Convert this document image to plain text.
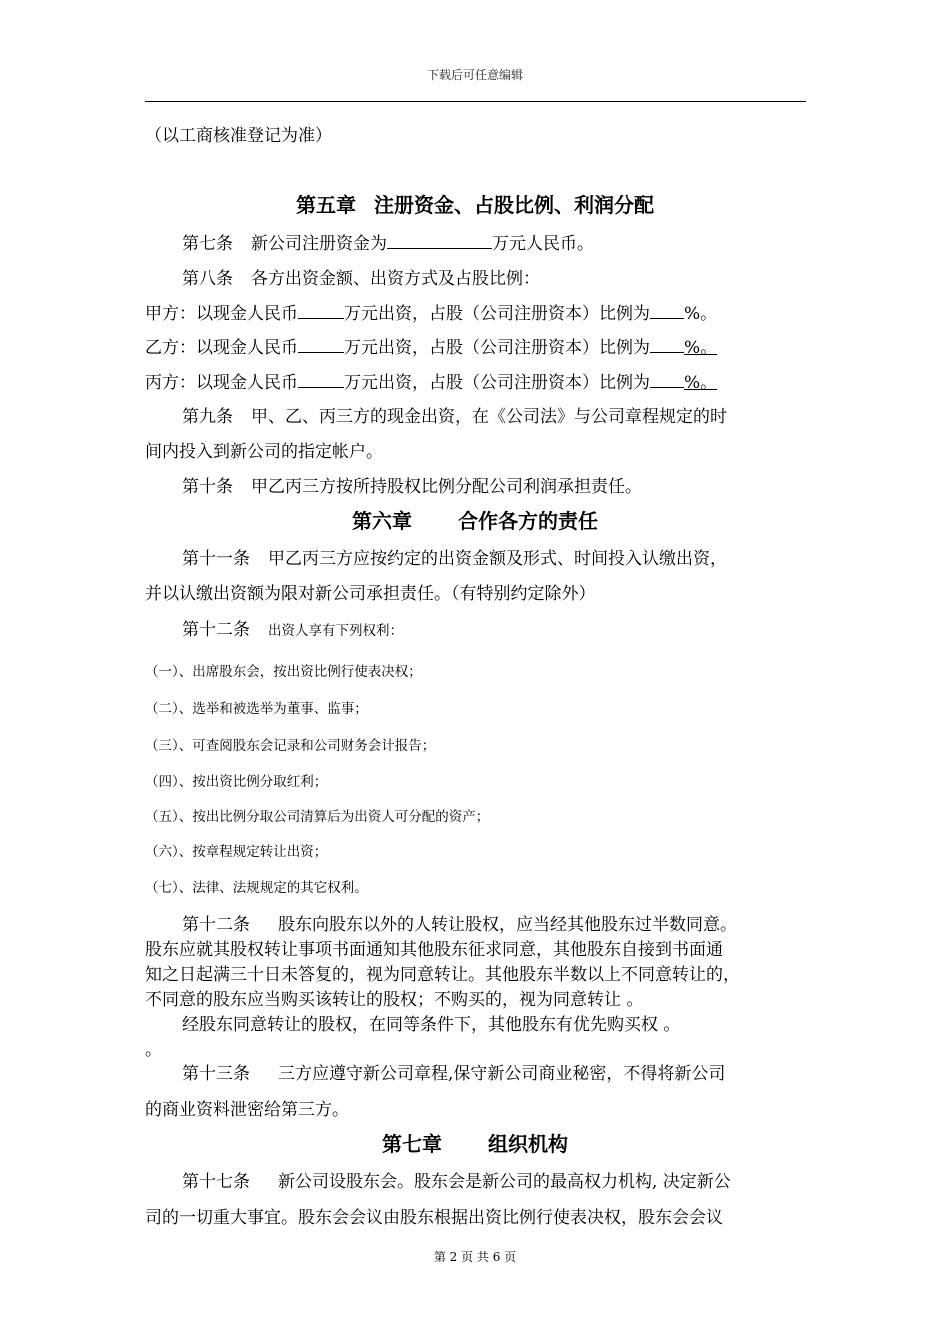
下载后可任意编辑
（以工商核准登记为准）
第五章 注册资金、占股比例、利润分配
第七条 新公司注册资金为	万元人民币。
第八条 各方出资金额、出资方式及占股比例：
甲方：以现金人民币	万元出资，占股（公司注册资本）比例为 %。
乙方：以现金人民币	万元出资，占股（公司注册资本）比例为 %。
丙方：以现金人民币	万元出资，占股（公司注册资本）比例为 %。
第九条 甲、乙、丙三方的现金出资，在《公司法》与公司章程规定的时
间内投入到新公司的指定帐户。
第十条 甲乙丙三方按所持股权比例分配公司利润承担责任。
第六章 合作各方的责任
第十一条 甲乙丙三方应按约定的出资金额及形式、时间投入认缴出资，
并以认缴出资额为限对新公司承担责任。（有特别约定除外）
第十二条 出资人享有下列权利：
（一）、出席股东会，按出资比例行使表决权；
（二）、选举和被选举为董事、监事；
（三）、可查阅股东会记录和公司财务会计报告；
（四）、按出资比例分取红利；
（五）、按出比例分取公司清算后为出资人可分配的资产；
（六）、按章程规定转让出资；
（七）、法律、法规规定的其它权利。
第十二条 股东向股东以外的人转让股权，应当经其他股东过半数同意。
股东应就其股权转让事项书面通知其他股东征求同意，其他股东自接到书面通
知之日起满三十日未答复的，视为同意转让。其他股东半数以上不同意转让的，
不同意的股东应当购买该转让的股权；不购买的，视为同意转让 。
经股东同意转让的股权，在同等条件下，其他股东有优先购买权 。
。
第十三条 三方应遵守新公司章程,保守新公司商业秘密，不得将新公司
的商业资料泄密给第三方。
第七章 组织机构
第十七条 新公司设股东会。股东会是新公司的最高权力机构, 决定新公
司的一切重大事宜。股东会会议由股东根据出资比例行使表决权，股东会会议
第 2 页 共 6 页
